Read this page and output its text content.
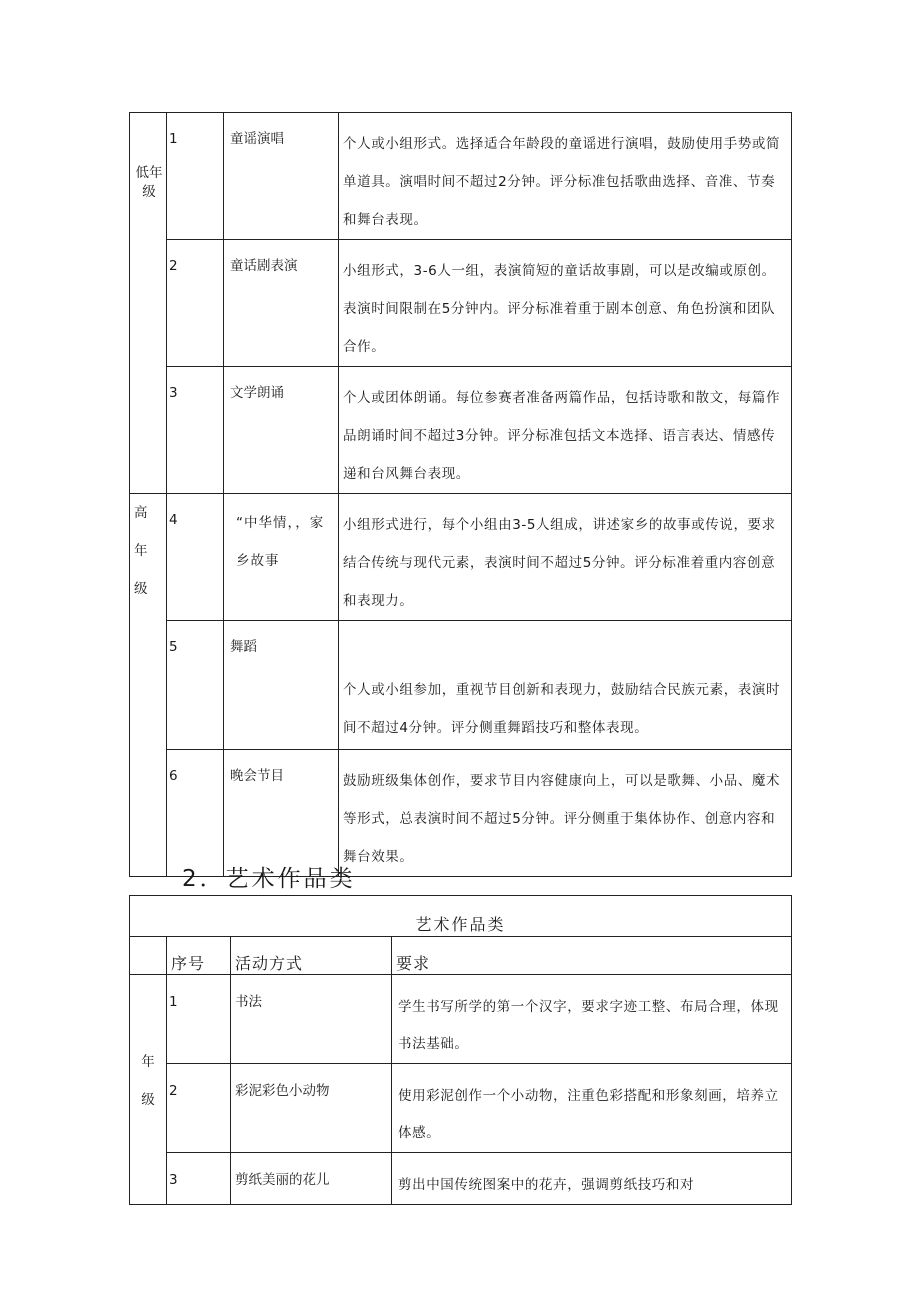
低年级	1	童谣演唱	个人或小组形式。选择适合年龄段的童谣进行演唱，鼓励使用手势或简单道具。演唱时间不超过2分钟。评分标准包括歌曲选择、音准、节奏和舞台表现。
	2	童话剧表演	小组形式，3-6人一组，表演简短的童话故事剧，可以是改编或原创。表演时间限制在5分钟内。评分标准着重于剧本创意、角色扮演和团队合作。
	3	文学朗诵	个人或团体朗诵。每位参赛者准备两篇作品，包括诗歌和散文，每篇作品朗诵时间不超过3分钟。评分标准包括文本选择、语言表达、情感传递和台风舞台表现。

高年级	4	“中华情，，家乡故事	小组形式进行，每个小组由3-5人组成，讲述家乡的故事或传说，要求结合传统与现代元素，表演时间不超过5分钟。评分标准着重内容创意和表现力。
	5	舞蹈	个人或小组参加，重视节目创新和表现力，鼓励结合民族元素，表演时间不超过4分钟。评分侧重舞蹈技巧和整体表现。
	6	晚会节目	鼓励班级集体创作，要求节目内容健康向上，可以是歌舞、小品、魔术等形式，总表演时间不超过5分钟。评分侧重于集体协作、创意内容和舞台效果。
2．艺术作品类
艺术作品类			
	序号	活动方式	要求

年级	1	书法	学生书写所学的第一个汉字，要求字迹工整、布局合理，体现书法基础。
	2	彩泥彩色小动物	使用彩泥创作一个小动物，注重色彩搭配和形象刻画，培养立体感。
	3	剪纸美丽的花儿	剪出中国传统图案中的花卉，强调剪纸技巧和对
